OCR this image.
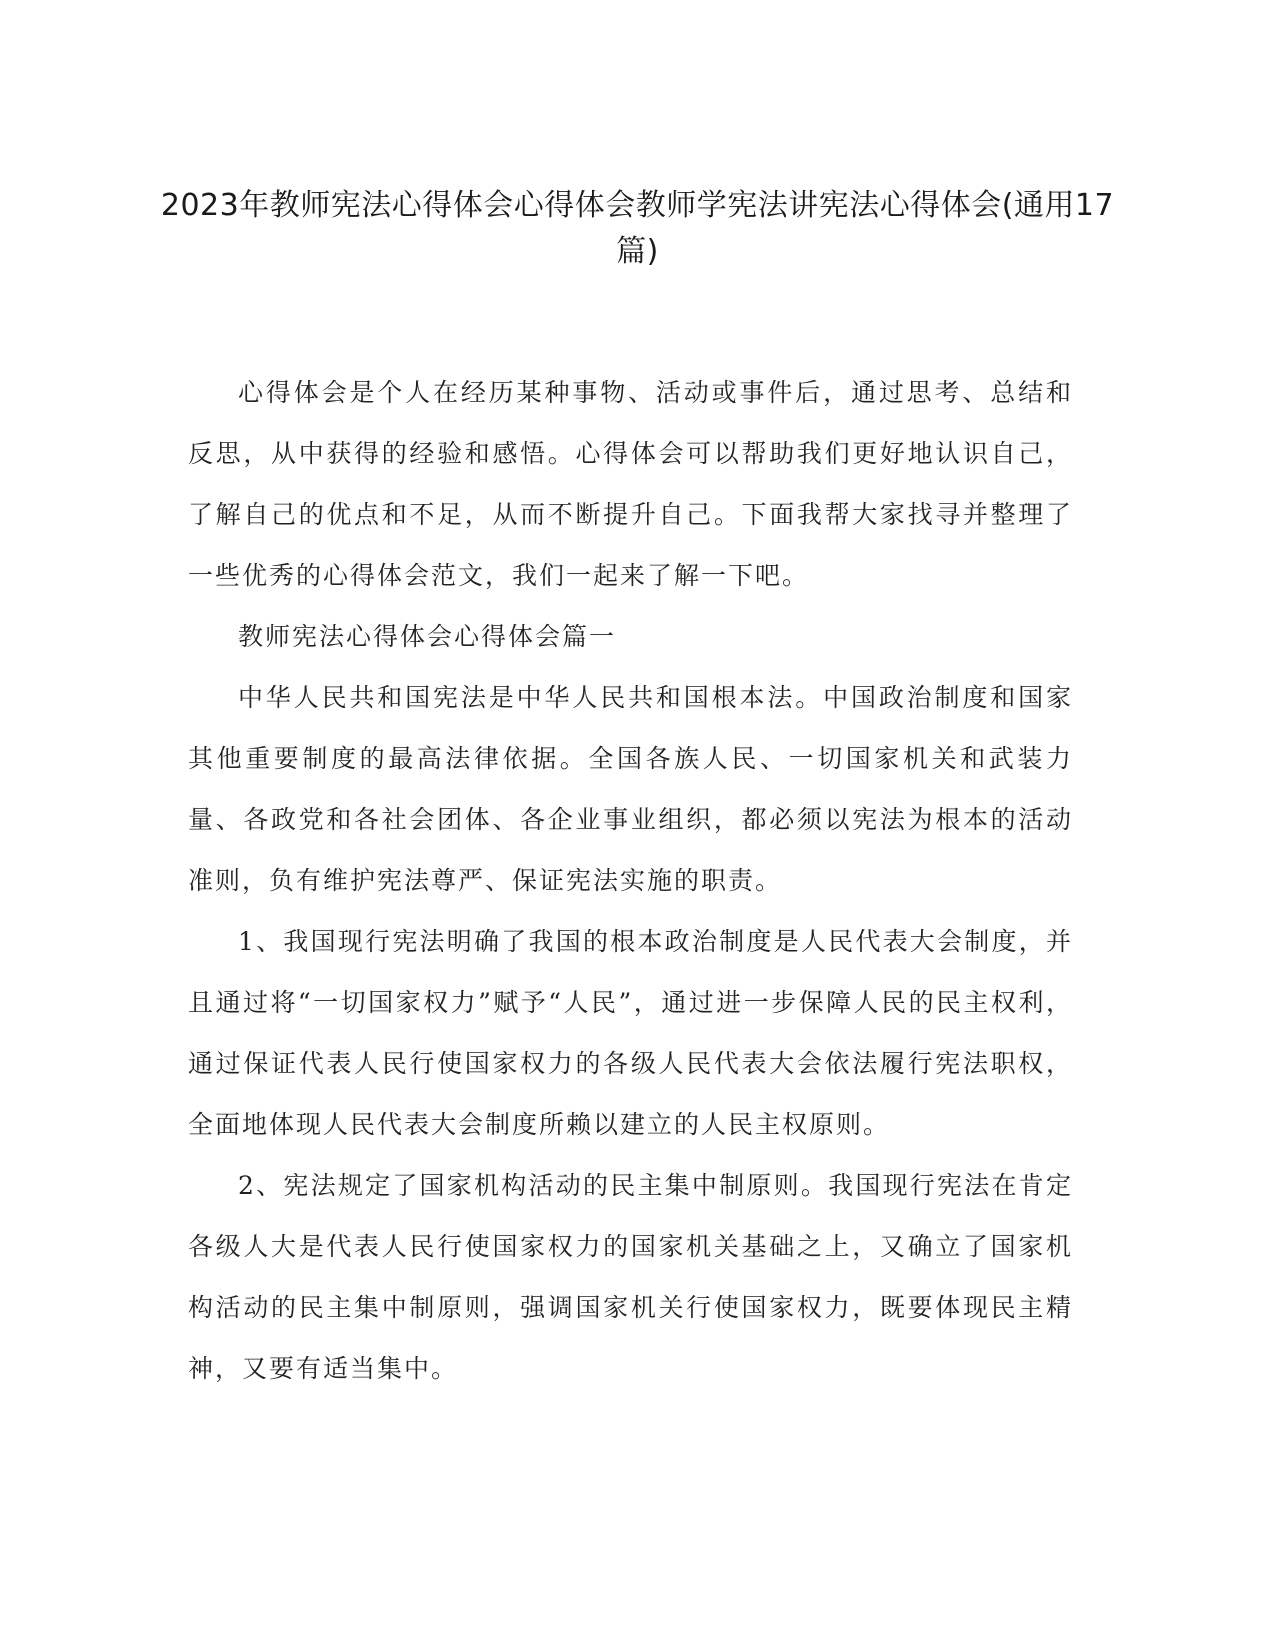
2023年教师宪法心得体会心得体会教师学宪法讲宪法心得体会(通用17篇)

心得体会是个人在经历某种事物、活动或事件后，通过思考、总结和反思，从中获得的经验和感悟。心得体会可以帮助我们更好地认识自己，了解自己的优点和不足，从而不断提升自己。下面我帮大家找寻并整理了一些优秀的心得体会范文，我们一起来了解一下吧。

教师宪法心得体会心得体会篇一

中华人民共和国宪法是中华人民共和国根本法。中国政治制度和国家其他重要制度的最高法律依据。全国各族人民、一切国家机关和武装力量、各政党和各社会团体、各企业事业组织，都必须以宪法为根本的活动准则，负有维护宪法尊严、保证宪法实施的职责。

1、我国现行宪法明确了我国的根本政治制度是人民代表大会制度，并且通过将“一切国家权力”赋予“人民”，通过进一步保障人民的民主权利，通过保证代表人民行使国家权力的各级人民代表大会依法履行宪法职权，全面地体现人民代表大会制度所赖以建立的人民主权原则。

2、宪法规定了国家机构活动的民主集中制原则。我国现行宪法在肯定各级人大是代表人民行使国家权力的国家机关基础之上，又确立了国家机构活动的民主集中制原则，强调国家机关行使国家权力，既要体现民主精神，又要有适当集中。
